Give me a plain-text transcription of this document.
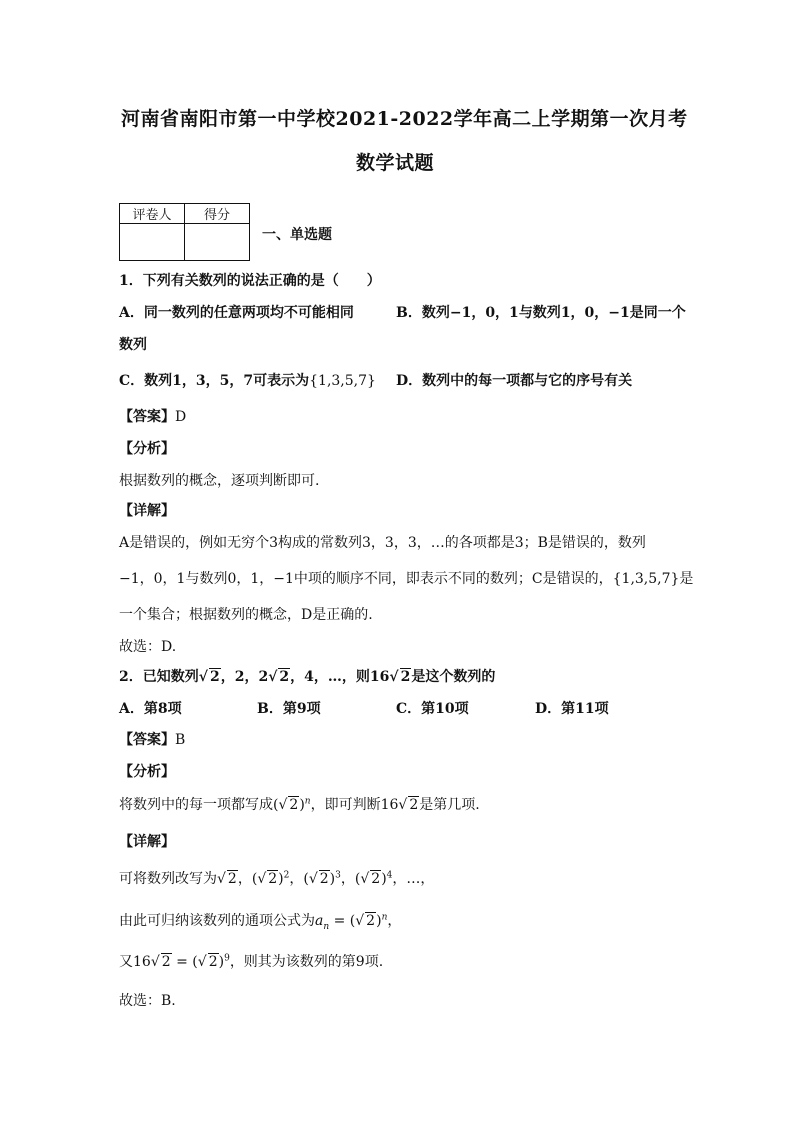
河南省南阳市第一中学校2021-2022学年高二上学期第一次月考
数学试题
评卷人	得分

一、单选题
1．下列有关数列的说法正确的是（　　）
A．同一数列的任意两项均不可能相同	B．数列−1，0，1与数列1，0，−1是同一个
数列
C．数列1，3，5，7可表示为{1,3,5,7} D．数列中的每一项都与它的序号有关
【答案】D
【分析】
根据数列的概念，逐项判断即可.
【详解】
A是错误的，例如无穷个3构成的常数列3，3，3，…的各项都是3；B是错误的，数列
−1，0，1与数列0，1，−1中项的顺序不同，即表示不同的数列；C是错误的，{1,3,5,7}是
一个集合；根据数列的概念，D是正确的.
故选：D.
2．已知数列√ 2，2，2√ 2，4，…，则16√ 2是这个数列的
A．第8项	B．第9项	C．第10项	D．第11项
【答案】B
【分析】
将数列中的每一项都写成(√ 2)$^n$，即可判断16√ 2是第几项.
【详解】
可将数列改写为√ 2，(√ 2)$^2$，(√ 2)$^3$，(√ 2)$^4$，…，
由此可归纳该数列的通项公式为$a_n$ = (√ 2)$^n$，
又16√ 2 = (√ 2)$^9$，则其为该数列的第9项.
故选：B.
